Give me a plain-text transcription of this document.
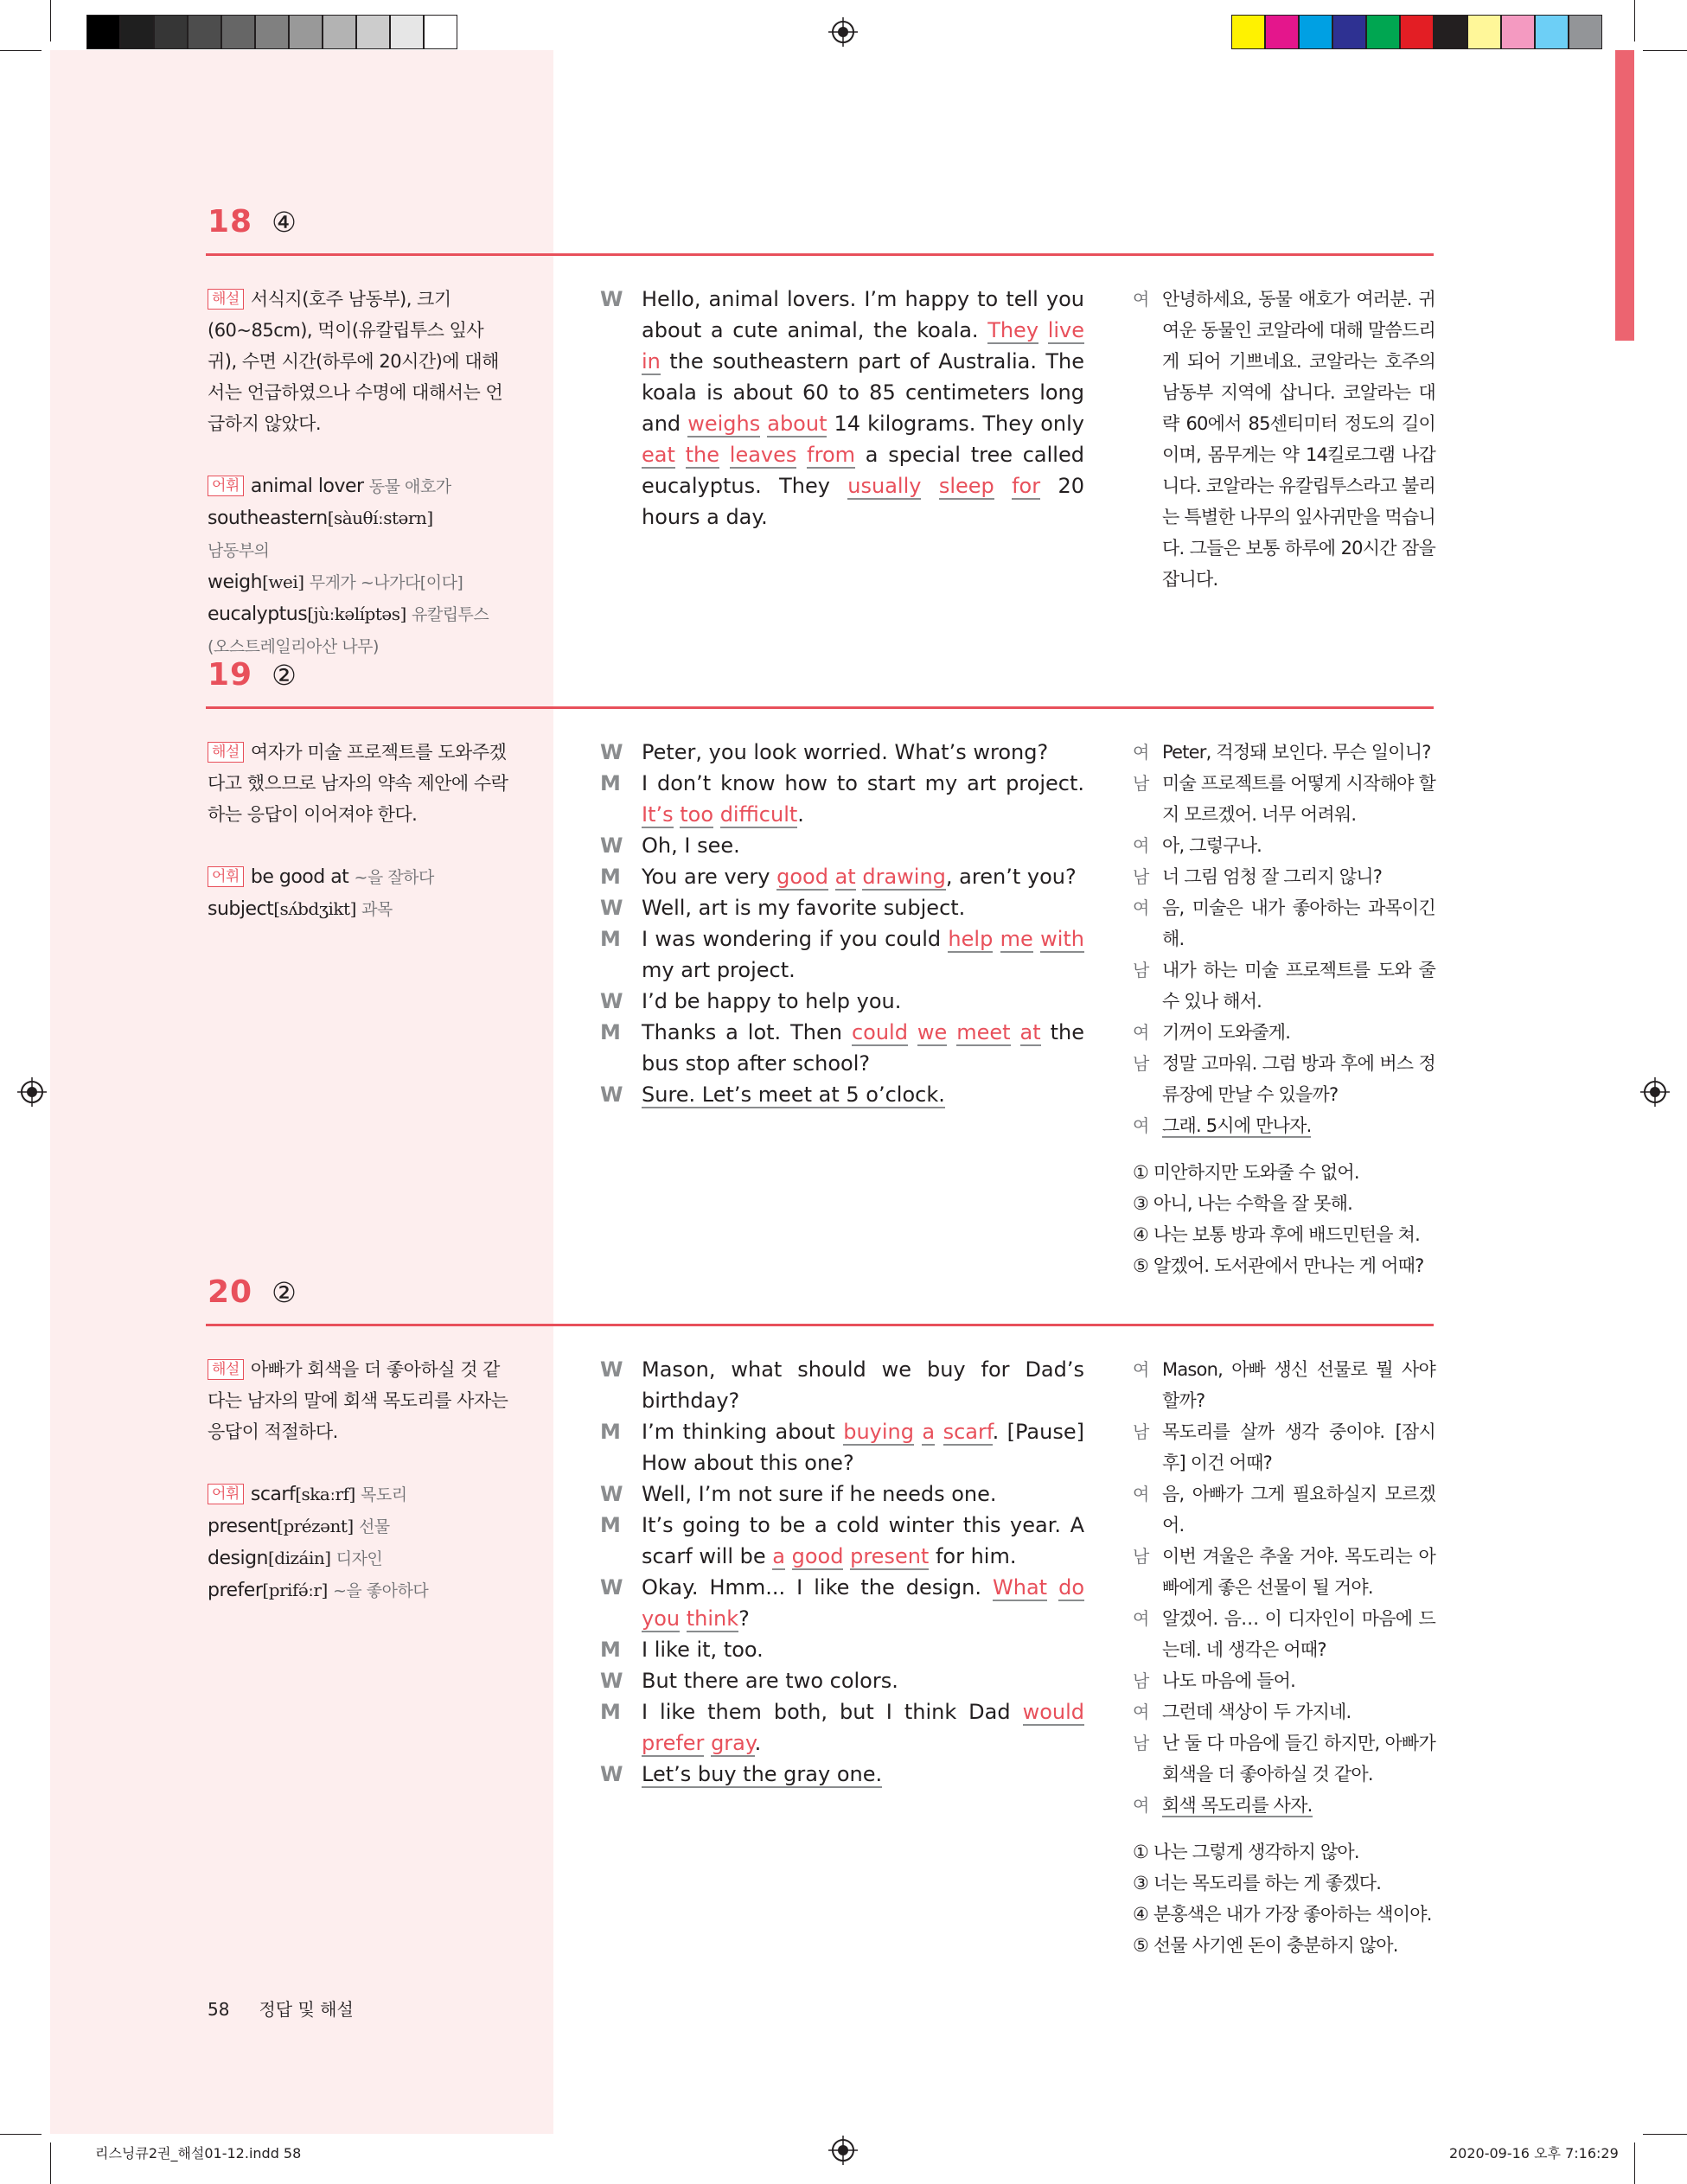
18 ④
해설 서식지(호주 남동부), 크기(60~85cm), 먹이(유칼립투스 잎사귀), 수면 시간(하루에 20시간)에 대해서는 언급하였으나 수명에 대해서는 언급하지 않았다.
어휘 animal lover 동물 애호가
southeastern[sàuθíːstərn]
남동부의
weigh[wei] 무게가 ~나가다[이다]
eucalyptus[jùːkəlíptəs] 유칼립투스 (오스트레일리아산 나무)
W Hello, animal lovers. I’m happy to tell you about a cute animal, the koala. They live in the southeastern part of Australia. The koala is about 60 to 85 centimeters long and weighs about 14 kilograms. They only eat the leaves from a special tree called eucalyptus. They usually sleep for 20 hours a day.
여 안녕하세요, 동물 애호가 여러분. 귀여운 동물인 코알라에 대해 말씀드리게 되어 기쁘네요. 코알라는 호주의 남동부 지역에 삽니다. 코알라는 대략 60에서 85센티미터 정도의 길이이며, 몸무게는 약 14킬로그램 나갑니다. 코알라는 유칼립투스라고 불리는 특별한 나무의 잎사귀만을 먹습니다. 그들은 보통 하루에 20시간 잠을 잡니다.
19 ②
해설 여자가 미술 프로젝트를 도와주겠다고 했으므로 남자의 약속 제안에 수락하는 응답이 이어져야 한다.
어휘 be good at ~을 잘하다
subject[sʌ́bdʒikt] 과목
W Peter, you look worried. What’s wrong?
M	I don’t know how to start my art project. It’s too difficult.
W Oh, I see.
M	You are very good at drawing, aren’t you?
W Well, art is my favorite subject.
M	I was wondering if you could help me with my art project.
W I’d be happy to help you.
M	Thanks a lot. Then could we meet at the bus stop after school?
W Sure. Let’s meet at 5 o’clock.
여 Peter, 걱정돼 보인다. 무슨 일이니?
남 미술 프로젝트를 어떻게 시작해야 할지 모르겠어. 너무 어려워.
여 아, 그렇구나.
남 너 그림 엄청 잘 그리지 않니?
여 음, 미술은 내가 좋아하는 과목이긴 해.
남 내가 하는 미술 프로젝트를 도와 줄 수 있나 해서.
여 기꺼이 도와줄게.
남 정말 고마워. 그럼 방과 후에 버스 정류장에 만날 수 있을까?
여 그래. 5시에 만나자.
① 미안하지만 도와줄 수 없어.
③ 아니, 나는 수학을 잘 못해.
④ 나는 보통 방과 후에 배드민턴을 쳐.
⑤ 알겠어. 도서관에서 만나는 게 어때?
20 ②
해설 아빠가 회색을 더 좋아하실 것 같다는 남자의 말에 회색 목도리를 사자는 응답이 적절하다.
어휘 scarf[skaːrf] 목도리
present[prézənt] 선물
design[dizáin] 디자인
prefer[prifə́ːr] ~을 좋아하다
W Mason, what should we buy for Dad’s birthday?
M	I’m thinking about buying a scarf. [Pause] How about this one?
W Well, I’m not sure if he needs one.
M	It’s going to be a cold winter this year. A scarf will be a good present for him.
W Okay. Hmm... I like the design. What do you think?
M	I like it, too.
W But there are two colors.
M	I like them both, but I think Dad would prefer gray.
W Let’s buy the gray one.
여 Mason, 아빠 생신 선물로 뭘 사야 할까?
남 목도리를 살까 생각 중이야. [잠시 후] 이건 어때?
여 음, 아빠가 그게 필요하실지 모르겠어.
남 이번 겨울은 추울 거야. 목도리는 아빠에게 좋은 선물이 될 거야.
여 알겠어. 음… 이 디자인이 마음에 드는데. 네 생각은 어때?
남 나도 마음에 들어.
여 그런데 색상이 두 가지네.
남 난 둘 다 마음에 들긴 하지만, 아빠가 회색을 더 좋아하실 것 같아.
여 회색 목도리를 사자.
① 나는 그렇게 생각하지 않아.
③ 너는 목도리를 하는 게 좋겠다.
④ 분홍색은 내가 가장 좋아하는 색이야.
⑤ 선물 사기엔 돈이 충분하지 않아.
58 정답 및 해설
리스닝큐2권_해설01-12.indd 58	2020-09-16 오후 7:16:29
